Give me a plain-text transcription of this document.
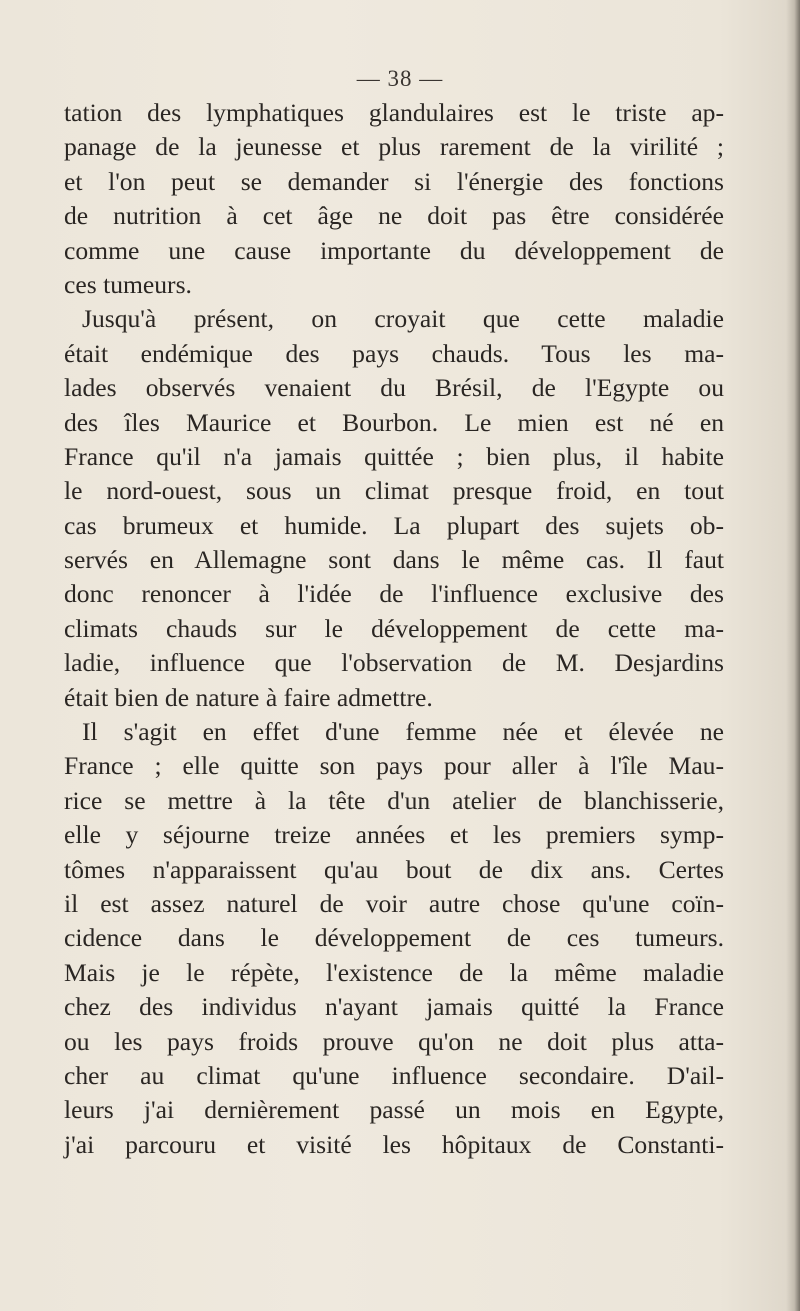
— 38 —
tation des lymphatiques glandulaires est le triste ap-
panage de la jeunesse et plus rarement de la virilité ;
et l'on peut se demander si l'énergie des fonctions
de nutrition à cet âge ne doit pas être considérée
comme une cause importante du développement de
ces tumeurs.
Jusqu'à présent, on croyait que cette maladie
était endémique des pays chauds. Tous les ma-
lades observés venaient du Brésil, de l'Egypte ou
des îles Maurice et Bourbon. Le mien est né en
France qu'il n'a jamais quittée ; bien plus, il habite
le nord-ouest, sous un climat presque froid, en tout
cas brumeux et humide. La plupart des sujets ob-
servés en Allemagne sont dans le même cas. Il faut
donc renoncer à l'idée de l'influence exclusive des
climats chauds sur le développement de cette ma-
ladie, influence que l'observation de M. Desjardins
était bien de nature à faire admettre.
Il s'agit en effet d'une femme née et élevée ne
France ; elle quitte son pays pour aller à l'île Mau-
rice se mettre à la tête d'un atelier de blanchisserie,
elle y séjourne treize années et les premiers symp-
tômes n'apparaissent qu'au bout de dix ans. Certes
il est assez naturel de voir autre chose qu'une coïn-
cidence dans le développement de ces tumeurs.
Mais je le répète, l'existence de la même maladie
chez des individus n'ayant jamais quitté la France
ou les pays froids prouve qu'on ne doit plus atta-
cher au climat qu'une influence secondaire. D'ail-
leurs j'ai dernièrement passé un mois en Egypte,
j'ai parcouru et visité les hôpitaux de Constanti-
